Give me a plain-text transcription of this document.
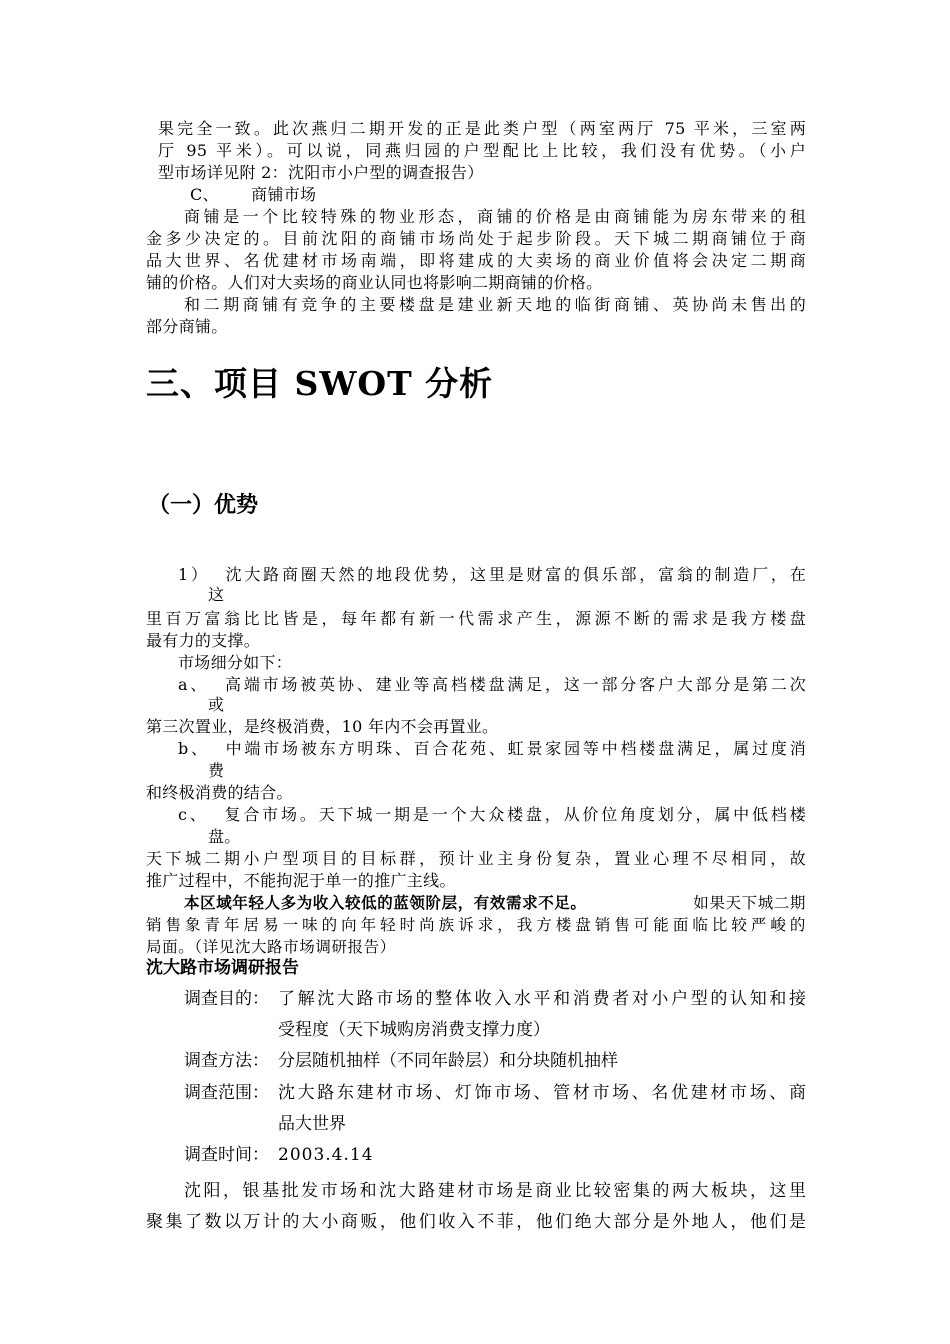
果完全一致。此次燕归二期开发的正是此类户型（两室两厅 75 平米，三室两
厅 95 平米）。可以说，同燕归园的户型配比上比较，我们没有优势。（小户
型市场详见附 2：沈阳市小户型的调查报告）
C、      商铺市场
商铺是一个比较特殊的物业形态，商铺的价格是由商铺能为房东带来的租
金多少决定的。目前沈阳的商铺市场尚处于起步阶段。天下城二期商铺位于商
品大世界、名优建材市场南端，即将建成的大卖场的商业价值将会决定二期商
铺的价格。人们对大卖场的商业认同也将影响二期商铺的价格。
和二期商铺有竞争的主要楼盘是建业新天地的临街商铺、英协尚未售出的
部分商铺。
三、项目 SWOT 分析
（一）优势
1）  沈大路商圈天然的地段优势，这里是财富的俱乐部，富翁的制造厂，在
这
里百万富翁比比皆是，每年都有新一代需求产生，源源不断的需求是我方楼盘
最有力的支撑。
市场细分如下：
a、  高端市场被英协、建业等高档楼盘满足，这一部分客户大部分是第二次
或
第三次置业，是终极消费，10 年内不会再置业。
b、  中端市场被东方明珠、百合花苑、虹景家园等中档楼盘满足，属过度消
费
和终极消费的结合。
c、  复合市场。天下城一期是一个大众楼盘，从价位角度划分，属中低档楼
盘。
天下城二期小户型项目的目标群，预计业主身份复杂，置业心理不尽相同，故
推广过程中，不能拘泥于单一的推广主线。
本区域年轻人多为收入较低的蓝领阶层，有效需求不足。	如果天下城二期
销售象青年居易一味的向年轻时尚族诉求，我方楼盘销售可能面临比较严峻的
局面。（详见沈大路市场调研报告）
沈大路市场调研报告
调查目的： 了解沈大路市场的整体收入水平和消费者对小户型的认知和接
受程度（天下城购房消费支撑力度）
调查方法： 分层随机抽样（不同年龄层）和分块随机抽样
调查范围： 沈大路东建材市场、灯饰市场、管材市场、名优建材市场、商
品大世界
调查时间： 2003.4.14
沈阳，银基批发市场和沈大路建材市场是商业比较密集的两大板块，这里
聚集了数以万计的大小商贩，他们收入不菲，他们绝大部分是外地人，他们是
